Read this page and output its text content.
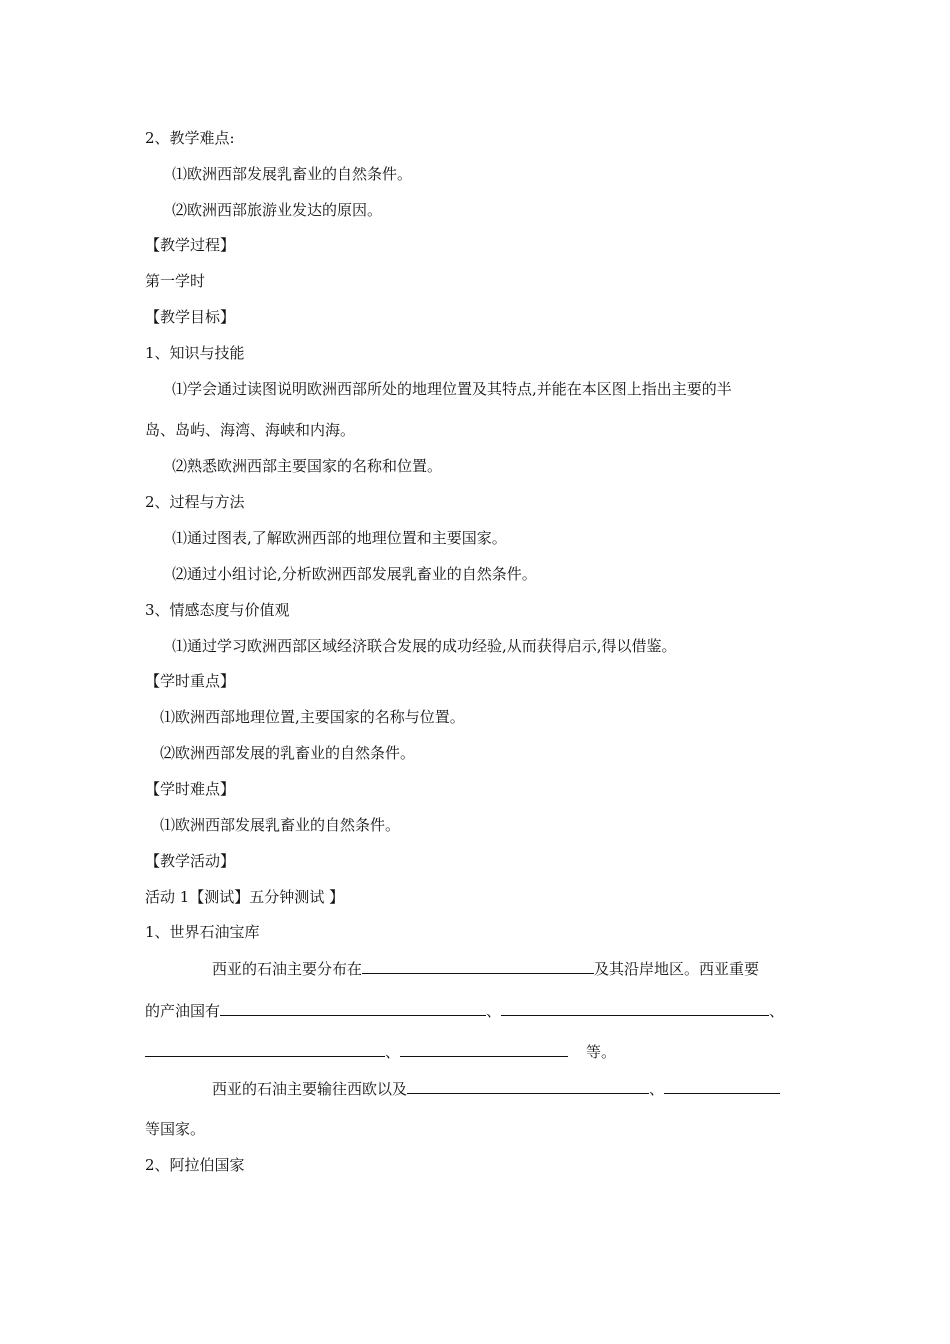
2、教学难点:
⑴欧洲西部发展乳畜业的自然条件。
⑵欧洲西部旅游业发达的原因。
【教学过程】
第一学时
【教学目标】
1、知识与技能
⑴学会通过读图说明欧洲西部所处的地理位置及其特点,并能在本区图上指出主要的半
岛、岛屿、海湾、海峡和内海。
⑵熟悉欧洲西部主要国家的名称和位置。
2、过程与方法
⑴通过图表,了解欧洲西部的地理位置和主要国家。
⑵通过小组讨论,分析欧洲西部发展乳畜业的自然条件。
3、情感态度与价值观
⑴通过学习欧洲西部区域经济联合发展的成功经验,从而获得启示,得以借鉴。
【学时重点】
⑴欧洲西部地理位置,主要国家的名称与位置。
⑵欧洲西部发展的乳畜业的自然条件。
【学时难点】
⑴欧洲西部发展乳畜业的自然条件。
【教学活动】
活动 1【测试】五分钟测试 】
1、世界石油宝库
西亚的石油主要分布在	及其沿岸地区。西亚重要
的产油国有	、	、
、	等。
西亚的石油主要输往西欧以及	、
等国家。
2、阿拉伯国家
